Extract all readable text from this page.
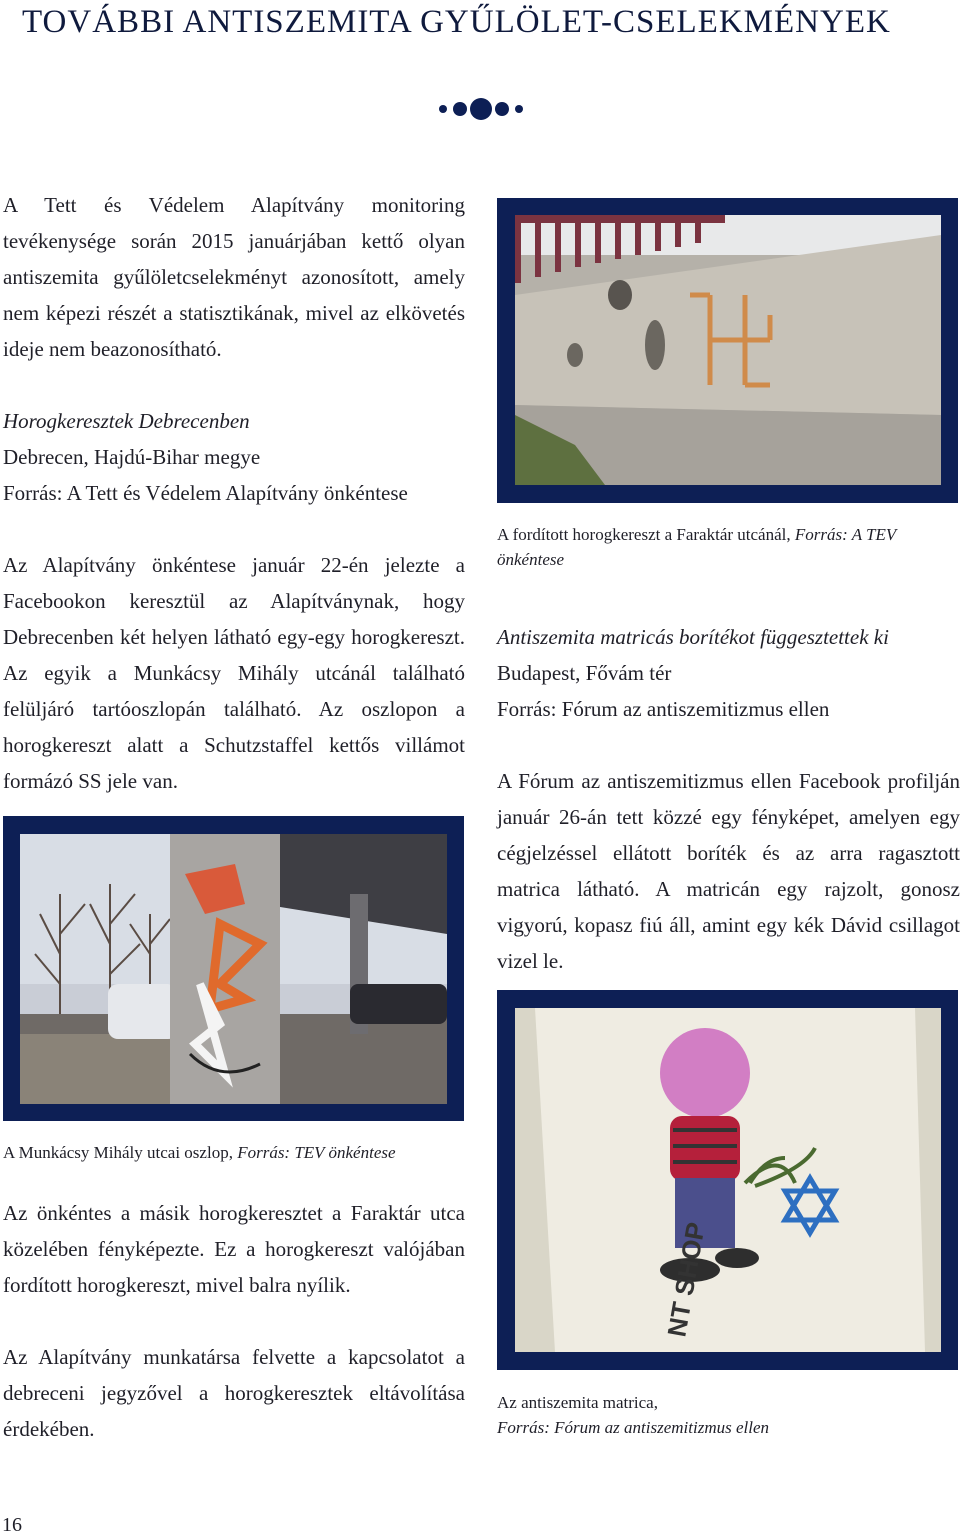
TOVÁBBI ANTISZEMITA GYŰLÖLET-CSELEKMÉNYEK

A Tett és Védelem Alapítvány monitoring tevékenysége során 2015 januárjában kettő olyan antiszemita gyűlöletcselekményt azonosított, amely nem képezi részét a statisztikának, mivel az elkövetés ideje nem beazonosítható.

Horogkeresztek Debrecenben

Debrecen, Hajdú-Bihar megye

Forrás: A Tett és Védelem Alapítvány önkéntese

Az Alapítvány önkéntese január 22-én jelezte a Facebookon keresztül az Alapítványnak, hogy Debrecenben két helyen látható egy-egy horogkereszt. Az egyik a Munkácsy Mihály utcánál található felüljáró tartóoszlopán található. Az oszlopon a horogkereszt alatt a Schutzstaffel kettős villámot formázó SS jele van.

A Munkácsy Mihály utcai oszlop, Forrás: TEV önkéntese

Az önkéntes a másik horogkeresztet a Faraktár utca közelében fényképezte. Ez a horogkereszt valójában fordított horogkereszt, mivel balra nyílik.

Az Alapítvány munkatársa felvette a kapcsolatot a debreceni jegyzővel a horogkeresztek eltávolítása érdekében.

A fordított horogkereszt a Faraktár utcánál, Forrás: A TEV önkéntese

Antiszemita matricás borítékot függesztettek ki

Budapest, Fővám tér

Forrás: Fórum az antiszemitizmus ellen

A Fórum az antiszemitizmus ellen Facebook profilján január 26-án tett közzé egy fényképet, amelyen egy cégjelzéssel ellátott boríték és az arra ragasztott matrica látható. A matricán egy rajzolt, gonosz vigyorú, kopasz fiú áll, amint egy kék Dávid csillagot vizel le.

NT SHOP

Az antiszemita matrica,
Forrás: Fórum az antiszemitizmus ellen

16
